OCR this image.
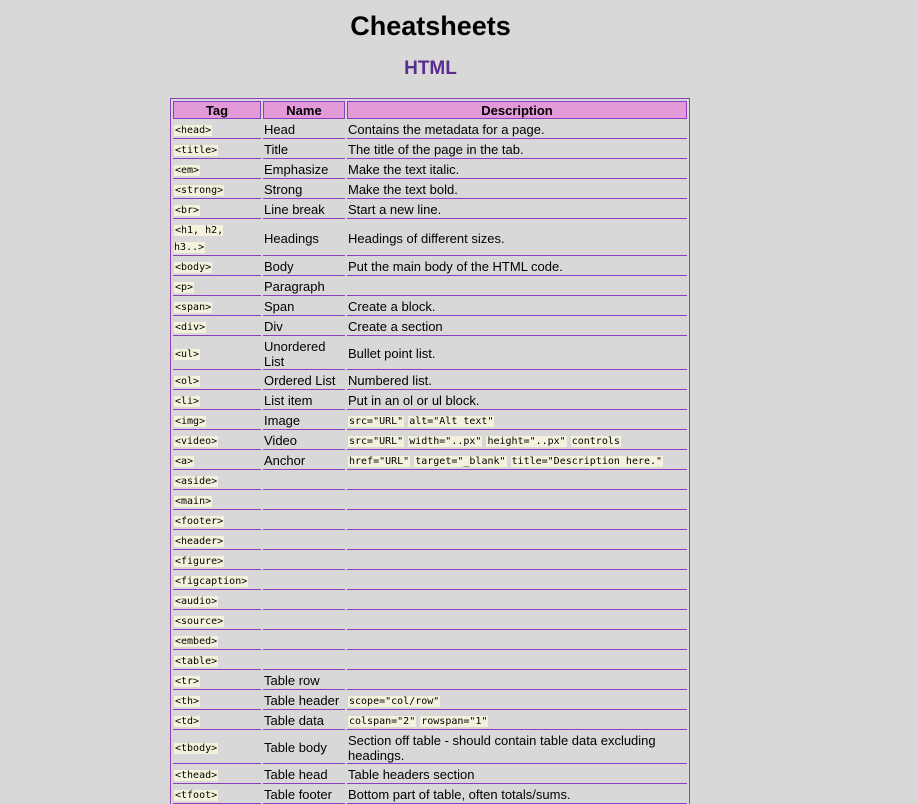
Cheatsheets
HTML
Tag	Name	Description
<head>	Head	Contains the metadata for a page.
<title>	Title	The title of the page in the tab.
<em>	Emphasize	Make the text italic.
<strong>	Strong	Make the text bold.
<br>	Line break	Start a new line.
<h1, h2, h3..>	Headings	Headings of different sizes.
<body>	Body	Put the main body of the HTML code.
<p>	Paragraph	
<span>	Span	Create a block.
<div>	Div	Create a section
<ul>	Unordered List	Bullet point list.
<ol>	Ordered List	Numbered list.
<li>	List item	Put in an ol or ul block.
<img>	Image	src="URL" alt="Alt text"
<video>	Video	src="URL" width="..px" height="..px" controls
<a>	Anchor	href="URL" target="_blank" title="Description here."
<aside>		
<main>		
<footer>		
<header>		
<figure>		
<figcaption>		
<audio>		
<source>		
<embed>		
<table>		
<tr>	Table row	
<th>	Table header	scope="col/row"
<td>	Table data	colspan="2" rowspan="1"
<tbody>	Table body	Section off table - should contain table data excluding headings.
<thead>	Table head	Table headers section
<tfoot>	Table footer	Bottom part of table, often totals/sums.
